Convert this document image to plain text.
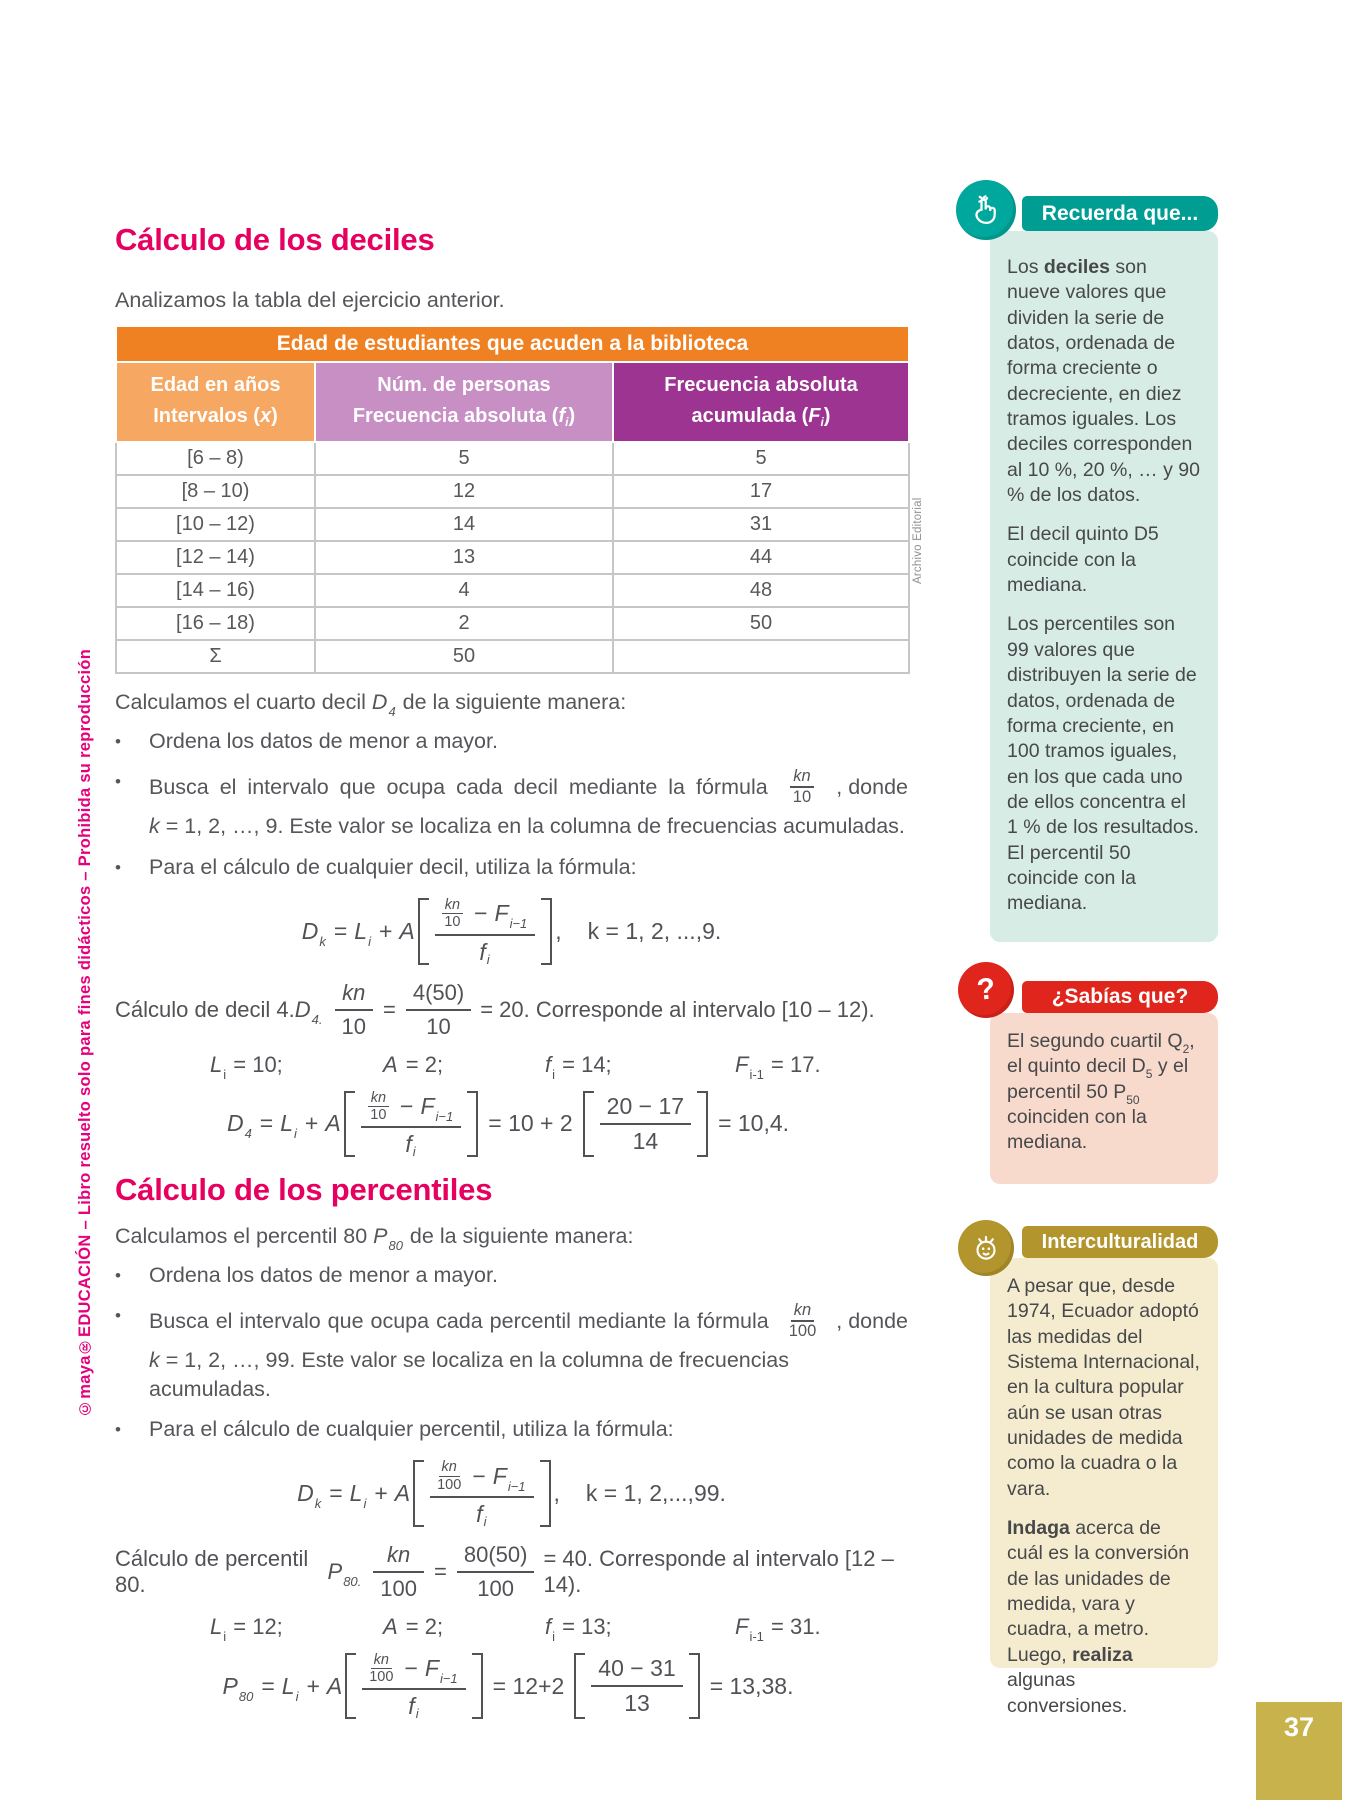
©maya®EDUCACIÓN – Libro resuelto solo para fines didácticos – Prohibida su reproducción
Archivo Editorial
Cálculo de los deciles

Analizamos la tabla del ejercicio anterior.

Edad de estudiantes que acuden a la biblioteca		

Edad en años
Intervalos (x)

Núm. de personas
Frecuencia absoluta $(f_i)$

Frecuencia absoluta
acumulada $(F_i)$

[6 – 8)	5	5
[8 – 10)	12	17
[10 – 12)	14	31
[12 – 14)	13	44
[14 – 16)	4	48
[16 – 18)	2	50
Σ	50	

Calculamos el cuarto decil $D_4$ de la siguiente manera:

•	Ordena los datos de menor a mayor.
•	Busca el intervalo que ocupa cada decil mediante la fórmula kn
10 , donde
k = 1, 2, …, 9. Este valor se localiza en la columna de frecuencias acumuladas.
•	Para el cálculo de cualquier decil, utiliza la fórmula:
$D_k = L_i + A$ kn
$10 - F_{i-1}$
f i , k = 1, 2, ...,9.
Cálculo de decil 4. $D_{4.} \frac{kn}{10} = \frac{4(50)}{10} = 20$. Corresponde al intervalo [10 – 12).
$L_i = 10$;	A = 2;	$f_i = 14$;	$F_{i-1} = 17$.
$D_4 = L_i + A$ kn
$10 - F_{i-1}$
f $i = 10 + 2 \frac{20 - 17}{14} = 10,4$.
Cálculo de los percentiles

Calculamos el percentil 80 $P_{80}$ de la siguiente manera:

•	Ordena los datos de menor a mayor.
•	Busca el intervalo que ocupa cada percentil mediante la fórmula kn
100 , donde
k = 1, 2, …, 99. Este valor se localiza en la columna de frecuencias acumuladas.
•	Para el cálculo de cualquier percentil, utiliza la fórmula:
$D_k = L_i + A$ kn
$100 - F_{i-1}$
f i , k = 1, 2,...,99.
Cálculo de percentil 80.
$P_{80.} \frac{kn}{100} = \frac{80(50)}{100} = 40$. Corresponde al intervalo [12 – 14).
$L_i = 12$;	A = 2;	$f_i = 13$;	$F_{i-1} = 31$.
$P_{80} = L_i + A$ kn
$100 - F_{i-1}$
f $i = 12+2 \frac{40 - 31}{13} = 13,38$.
Recuerda que...

Los deciles son nueve valores que dividen la serie de datos, ordenada de forma creciente o decreciente, en diez tramos iguales. Los deciles corresponden al 10 %, 20 %, … y 90 % de los datos.

El decil quinto D5 coincide con la mediana.

Los percentiles son 99 valores que distribuyen la serie de datos, ordenada de forma creciente, en 100 tramos iguales, en los que cada uno de ellos concentra el 1 % de los resultados. El percentil 50 coincide con la mediana.

?	¿Sabías que?

El segundo cuartil $Q_2$, el quinto decil $D_5$ y el percentil 50 $P_{50}$ coinciden con la mediana.

Interculturalidad

A pesar que, desde 1974, Ecuador adoptó las medidas del Sistema Internacional, en la cultura popular aún se usan otras unidades de medida como la cuadra o la vara.

Indaga acerca de cuál es la conversión de las unidades de medida, vara y cuadra, a metro. Luego, realiza algunas conversiones.

37
